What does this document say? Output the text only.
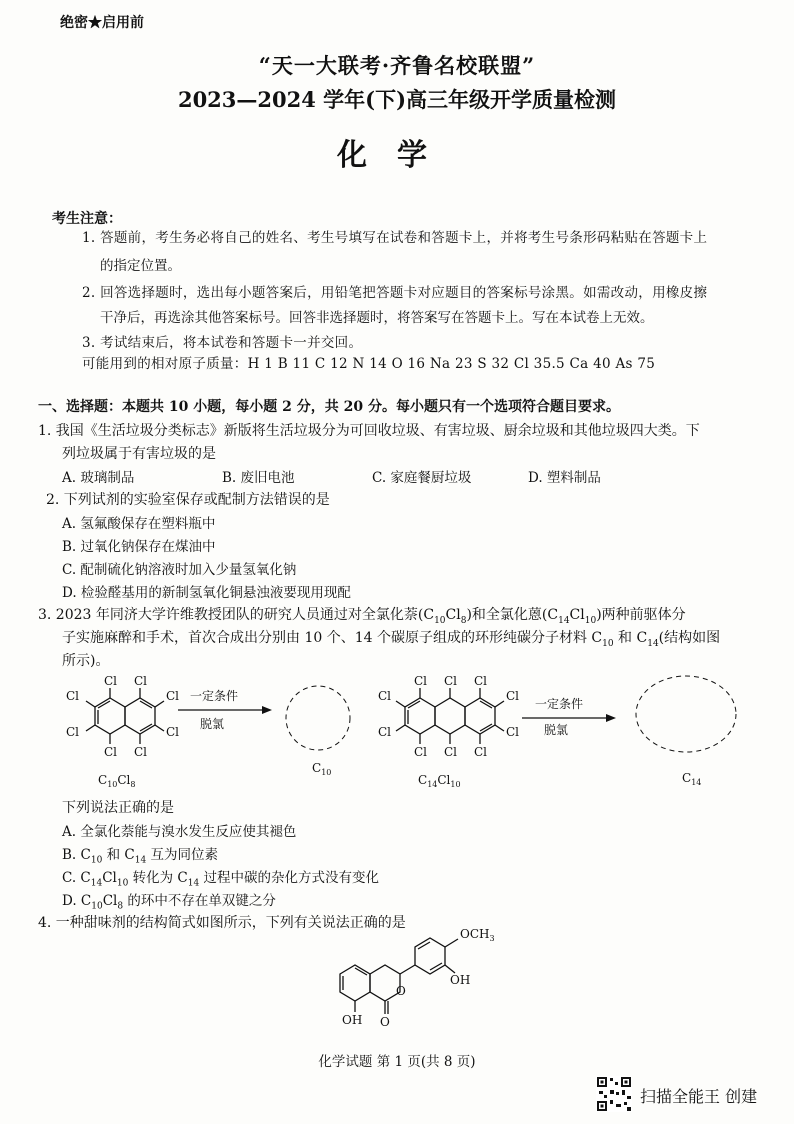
绝密★启用前
“天一大联考·齐鲁名校联盟”
2023—2024 学年(下)高三年级开学质量检测
化学
考生注意：
1. 答题前，考生务必将自己的姓名、考生号填写在试卷和答题卡上，并将考生号条形码粘贴在答题卡上
的指定位置。
2. 回答选择题时，选出每小题答案后，用铅笔把答题卡对应题目的答案标号涂黑。如需改动，用橡皮擦
干净后，再选涂其他答案标号。回答非选择题时，将答案写在答题卡上。写在本试卷上无效。
3. 考试结束后，将本试卷和答题卡一并交回。
可能用到的相对原子质量：H 1 B 11 C 12 N 14 O 16 Na 23 S 32 Cl 35.5 Ca 40 As 75
一、选择题：本题共 10 小题，每小题 2 分，共 20 分。每小题只有一个选项符合题目要求。
1. 我国《生活垃圾分类标志》新版将生活垃圾分为可回收垃圾、有害垃圾、厨余垃圾和其他垃圾四大类。下
列垃圾属于有害垃圾的是
A. 玻璃制品	B. 废旧电池	C. 家庭餐厨垃圾	D. 塑料制品
2. 下列试剂的实验室保存或配制方法错误的是
A. 氢氟酸保存在塑料瓶中
B. 过氧化钠保存在煤油中
C. 配制硫化钠溶液时加入少量氢氧化钠
D. 检验醛基用的新制氢氧化铜悬浊液要现用现配
3. 2023 年同济大学许维教授团队的研究人员通过对全氯化萘$(C_{10}Cl_8)$和全氯化蒽$(C_{14}Cl_{10})$两种前驱体分
子实施麻醉和手术，首次合成出分别由 10 个、14 个碳原子组成的环形纯碳分子材料 $C_{10}$ 和 $C_{14}$(结构如图
所示)。
Cl Cl
Cl
Cl
Cl
Cl
Cl Cl
$C_{10}Cl_8$
一定条件
脱氯
$C_{10}$
Cl Cl Cl
Cl
Cl
Cl
Cl
Cl Cl Cl
$C_{14}Cl_{10}$
一定条件
脱氯
$C_{14}$
下列说法正确的是
A. 全氯化萘能与溴水发生反应使其褪色
B. $C_{10}$ 和 $C_{14}$ 互为同位素
C. $C_{14}Cl_{10}$ 转化为 $C_{14}$ 过程中碳的杂化方式没有变化
D. $C_{10}Cl_8$ 的环中不存在单双键之分
4. 一种甜味剂的结构简式如图所示，下列有关说法正确的是
$OCH_3$
OH
O
OH O
化学试题 第 1 页(共 8 页)
扫描全能王 创建
